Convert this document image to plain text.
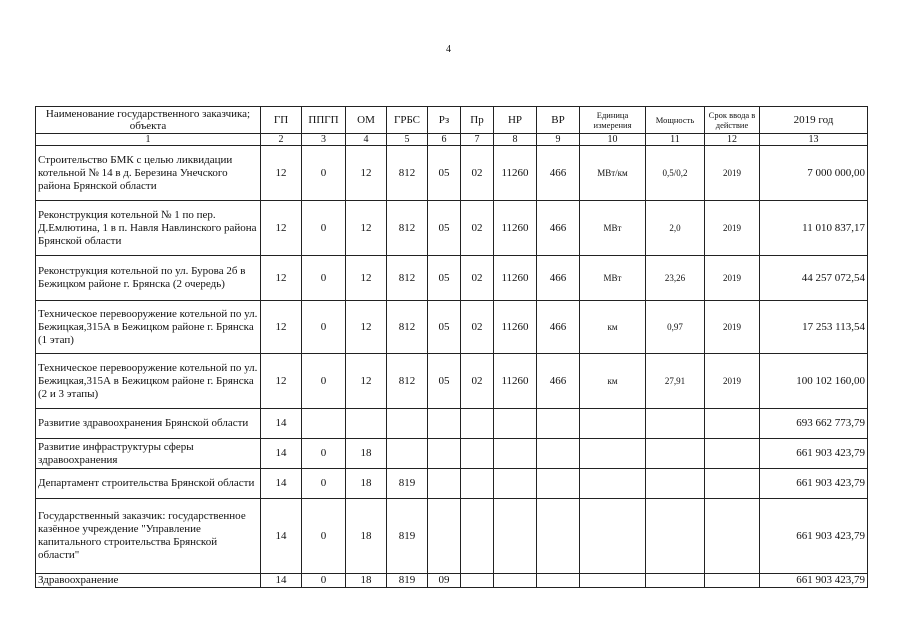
4
Наименование государственного заказчика; объекта	ГП	ППГП	ОМ	ГРБС	Рз	Пр	НР	ВР	Единица измерения	Мощность	Срок ввода в действие	2019 год
1	2	3	4	5	6	7	8	9	10	11	12	13
Строительство БМК с целью ликвидации котельной № 14 в д. Березина Унечского района Брянской области	12	0	12	812	05	02	11260	466	МВт/км	0,5/0,2	2019	7 000 000,00
Реконструкция котельной № 1 по пер. Д.Емлютина, 1 в п. Навля Навлинского района Брянской области	12	0	12	812	05	02	11260	466	МВт	2,0	2019	11 010 837,17
Реконструкция котельной по ул. Бурова 2б в Бежицком районе г. Брянска (2 очередь)	12	0	12	812	05	02	11260	466	МВт	23,26	2019	44 257 072,54
Техническое перевооружение котельной по ул. Бежицкая,315А в Бежицком районе г. Брянска (1 этап)	12	0	12	812	05	02	11260	466	км	0,97	2019	17 253 113,54
Техническое перевооружение котельной по ул. Бежицкая,315А в Бежицком районе г. Брянска (2 и 3 этапы)	12	0	12	812	05	02	11260	466	км	27,91	2019	100 102 160,00
Развитие здравоохранения Брянской области	14											693 662 773,79
Развитие инфраструктуры сферы здравоохранения	14	0	18									661 903 423,79
Департамент строительства Брянской области	14	0	18	819								661 903 423,79
Государственный заказчик: государственное казённое учреждение "Управление капитального строительства Брянской области"	14	0	18	819								661 903 423,79
Здравоохранение	14	0	18	819	09							661 903 423,79
